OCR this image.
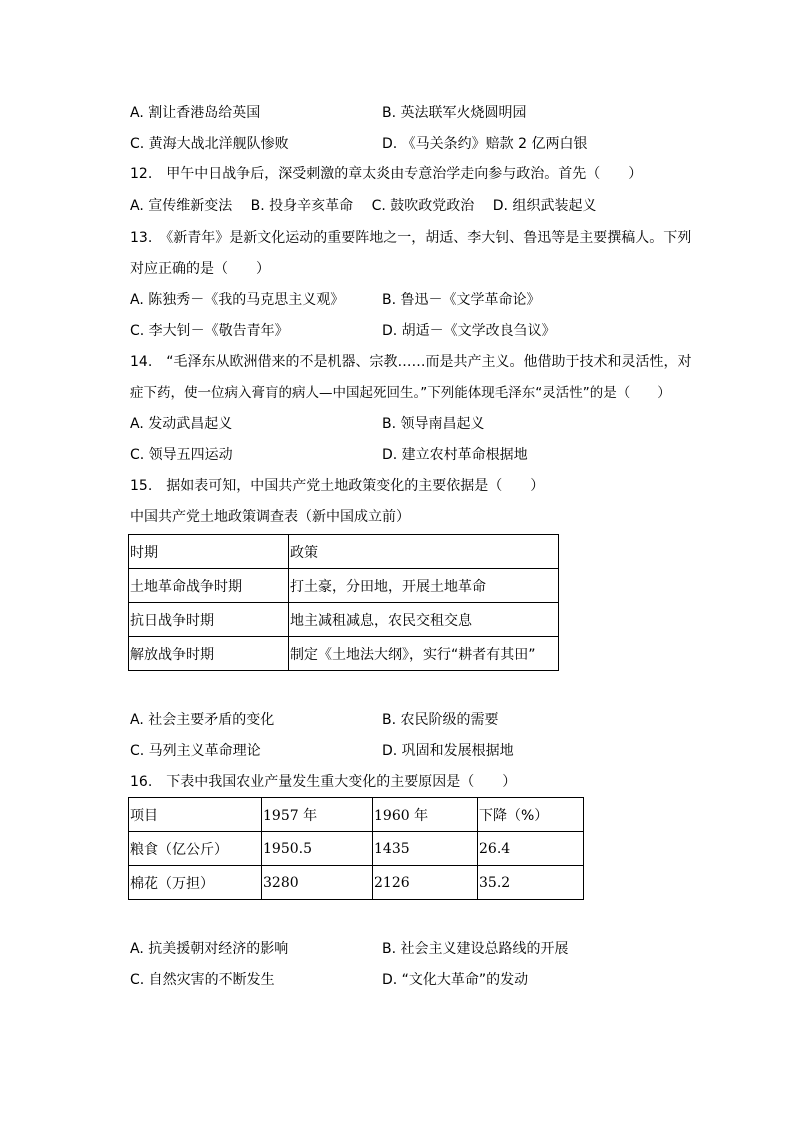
A. 割让香港岛给英国	B. 英法联军火烧圆明园
C. 黄海大战北洋舰队惨败	D. 《马关条约》赔款 2 亿两白银
12.　甲午中日战争后，深受刺激的章太炎由专意治学走向参与政治。首先（　　）
A. 宣传维新变法　 B. 投身辛亥革命　 C. 鼓吹政党政治　 D. 组织武装起义
13.　《新青年》是新文化运动的重要阵地之一，胡适、李大钊、鲁迅等是主要撰稿人。下列
对应正确的是（　　）
A. 陈独秀－《我的马克思主义观》	B. 鲁迅－《文学革命论》
C. 李大钊－《敬告青年》	D. 胡适－《文学改良刍议》
14.　“毛泽东从欧洲借来的不是机器、宗教……而是共产主义。他借助于技术和灵活性，对
症下药，使一位病入膏肓的病人—中国起死回生。”下列能体现毛泽东“灵活性”的是（　　）
A. 发动武昌起义	B. 领导南昌起义
C. 领导五四运动	D. 建立农村革命根据地
15.　据如表可知，中国共产党土地政策变化的主要依据是（　　）
中国共产党土地政策调查表（新中国成立前）
时期	政策
土地革命战争时期	打土豪，分田地，开展土地革命
抗日战争时期	地主减租减息，农民交租交息
解放战争时期	制定《土地法大纲》，实行“耕者有其田”
A. 社会主要矛盾的变化	B. 农民阶级的需要
C. 马列主义革命理论	D. 巩固和发展根据地
16.　下表中我国农业产量发生重大变化的主要原因是（　　）
项目	1957 年	1960 年	下降（%）
粮食（亿公斤）	1950.5	1435	26.4
棉花（万担）	3280	2126	35.2
A. 抗美援朝对经济的影响	B. 社会主义建设总路线的开展
C. 自然灾害的不断发生	D. “文化大革命”的发动
